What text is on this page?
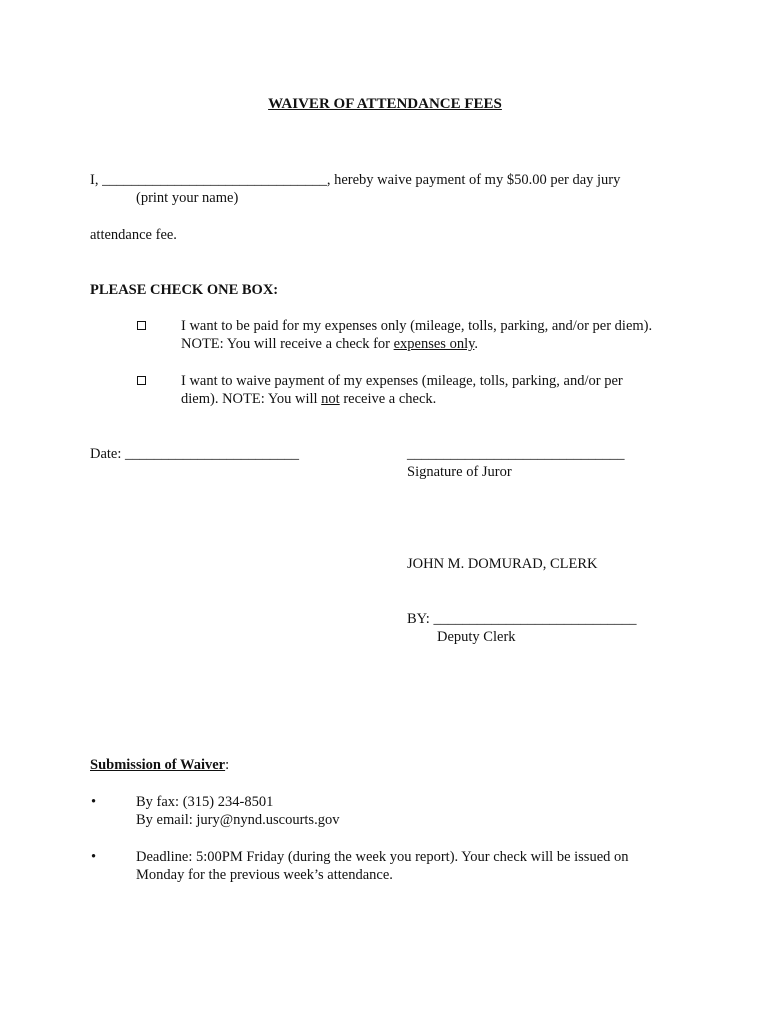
WAIVER OF ATTENDANCE FEES
I, _______________________________, hereby waive payment of my $50.00 per day jury
(print your name)
attendance fee.
PLEASE CHECK ONE BOX:
I want to be paid for my expenses only (mileage, tolls, parking, and/or per diem).
NOTE: You will receive a check for expenses only.
I want to waive payment of my expenses (mileage, tolls, parking, and/or per
diem). NOTE: You will not receive a check.
Date: ________________________	______________________________
Signature of Juror
JOHN M. DOMURAD, CLERK
BY: ____________________________
Deputy Clerk
Submission of Waiver:
•	By fax: (315) 234-8501
By email: jury@nynd.uscourts.gov
•	Deadline: 5:00PM Friday (during the week you report). Your check will be issued on
Monday for the previous week’s attendance.
